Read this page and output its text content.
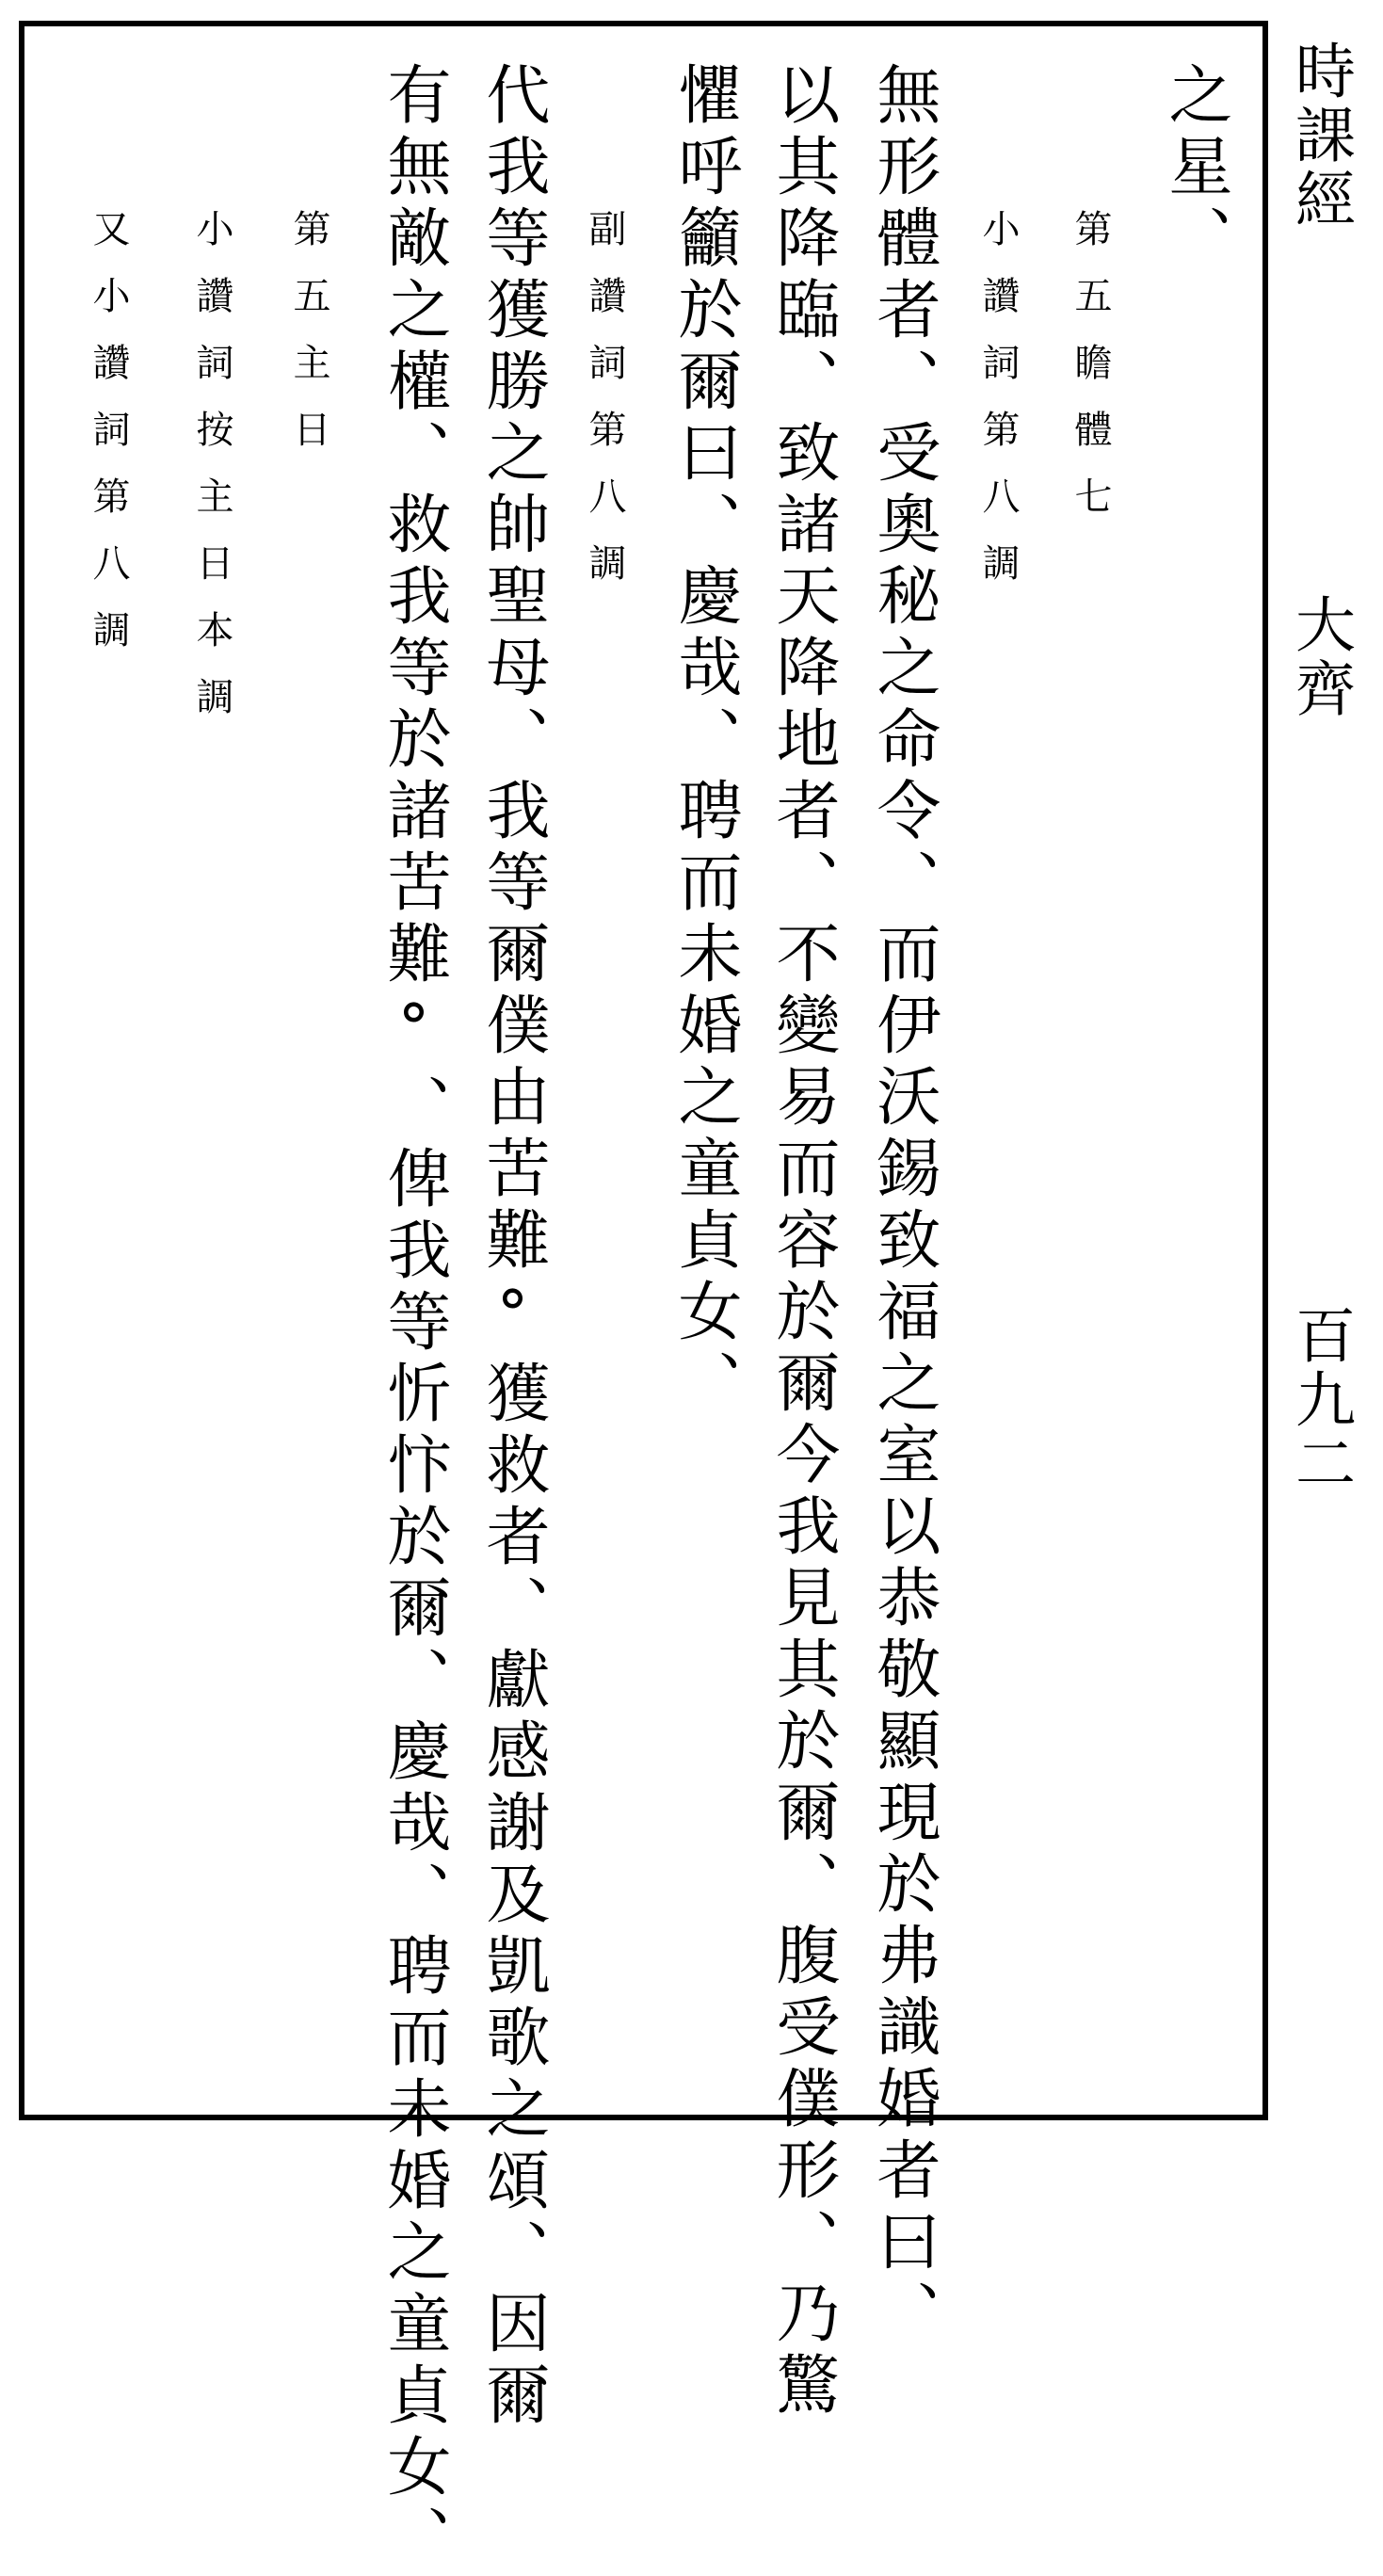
時課經
大齊
百九二
之星、
第五瞻體七
小讚詞第八調
無形體者、受奧秘之命令、而伊沃錫致福之室以恭敬顯現於弗識婚者曰、
以其降臨、致諸天降地者、不變易而容於爾今我見其於爾、腹受僕形、乃驚
懼呼籲於爾曰、慶哉、聘而未婚之童貞女、
副讚詞第八調
代我等獲勝之帥聖母、我等爾僕由苦難°獲救者、獻感謝及凱歌之頌、因爾
有無敵之權、救我等於諸苦難°、俾我等忻忭於爾、慶哉、聘而未婚之童貞女、
第五主日
小讚詞按主日本調
又小讚詞第八調
